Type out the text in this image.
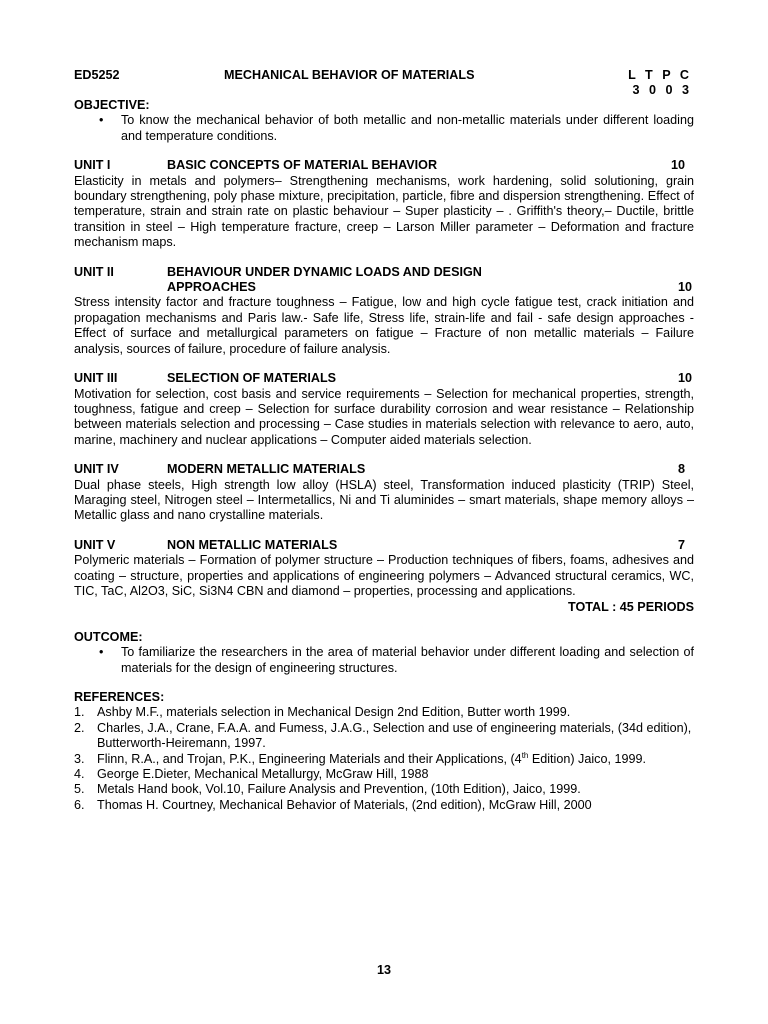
ED5252	MECHANICAL BEHAVIOR OF MATERIALS	L T P C
3 0 0 3
OBJECTIVE:
• To know the mechanical behavior of both metallic and non-metallic materials under different loading and temperature conditions.
UNIT I	BASIC CONCEPTS OF MATERIAL BEHAVIOR	10
Elasticity in metals and polymers– Strengthening mechanisms, work hardening, solid solutioning, grain boundary strengthening, poly phase mixture, precipitation, particle, fibre and dispersion strengthening. Effect of temperature, strain and strain rate on plastic behaviour – Super plasticity – . Griffith's theory,– Ductile, brittle transition in steel – High temperature fracture, creep – Larson Miller parameter – Deformation and fracture mechanism maps.
UNIT II	BEHAVIOUR UNDER DYNAMIC LOADS AND DESIGN
APPROACHES	10
Stress intensity factor and fracture toughness – Fatigue, low and high cycle fatigue test, crack initiation and propagation mechanisms and Paris law.- Safe life, Stress life, strain-life and fail - safe design approaches -Effect of surface and metallurgical parameters on fatigue – Fracture of non metallic materials – Failure analysis, sources of failure, procedure of failure analysis.
UNIT III	SELECTION OF MATERIALS	10
Motivation for selection, cost basis and service requirements – Selection for mechanical properties, strength, toughness, fatigue and creep – Selection for surface durability corrosion and wear resistance – Relationship between materials selection and processing – Case studies in materials selection with relevance to aero, auto, marine, machinery and nuclear applications – Computer aided materials selection.
UNIT IV	MODERN METALLIC MATERIALS	8
Dual phase steels, High strength low alloy (HSLA) steel, Transformation induced plasticity (TRIP) Steel, Maraging steel, Nitrogen steel – Intermetallics, Ni and Ti aluminides – smart materials, shape memory alloys – Metallic glass and nano crystalline materials.
UNIT V	NON METALLIC MATERIALS	7
Polymeric materials – Formation of polymer structure – Production techniques of fibers, foams, adhesives and coating – structure, properties and applications of engineering polymers – Advanced structural ceramics, WC, TIC, TaC, Al2O3, SiC, Si3N4 CBN and diamond – properties, processing and applications.
TOTAL : 45 PERIODS
OUTCOME:
• To familiarize the researchers in the area of material behavior under different loading and selection of materials for the design of engineering structures.
REFERENCES:
1. Ashby M.F., materials selection in Mechanical Design 2nd Edition, Butter worth 1999.
2. Charles, J.A., Crane, F.A.A. and Fumess, J.A.G., Selection and use of engineering materials, (34d edition), Butterworth-Heiremann, 1997.
3. Flinn, R.A., and Trojan, P.K., Engineering Materials and their Applications, (4th Edition) Jaico, 1999.
4. George E.Dieter, Mechanical Metallurgy, McGraw Hill, 1988
5. Metals Hand book, Vol.10, Failure Analysis and Prevention, (10th Edition), Jaico, 1999.
6. Thomas H. Courtney, Mechanical Behavior of Materials, (2nd edition), McGraw Hill, 2000
13
